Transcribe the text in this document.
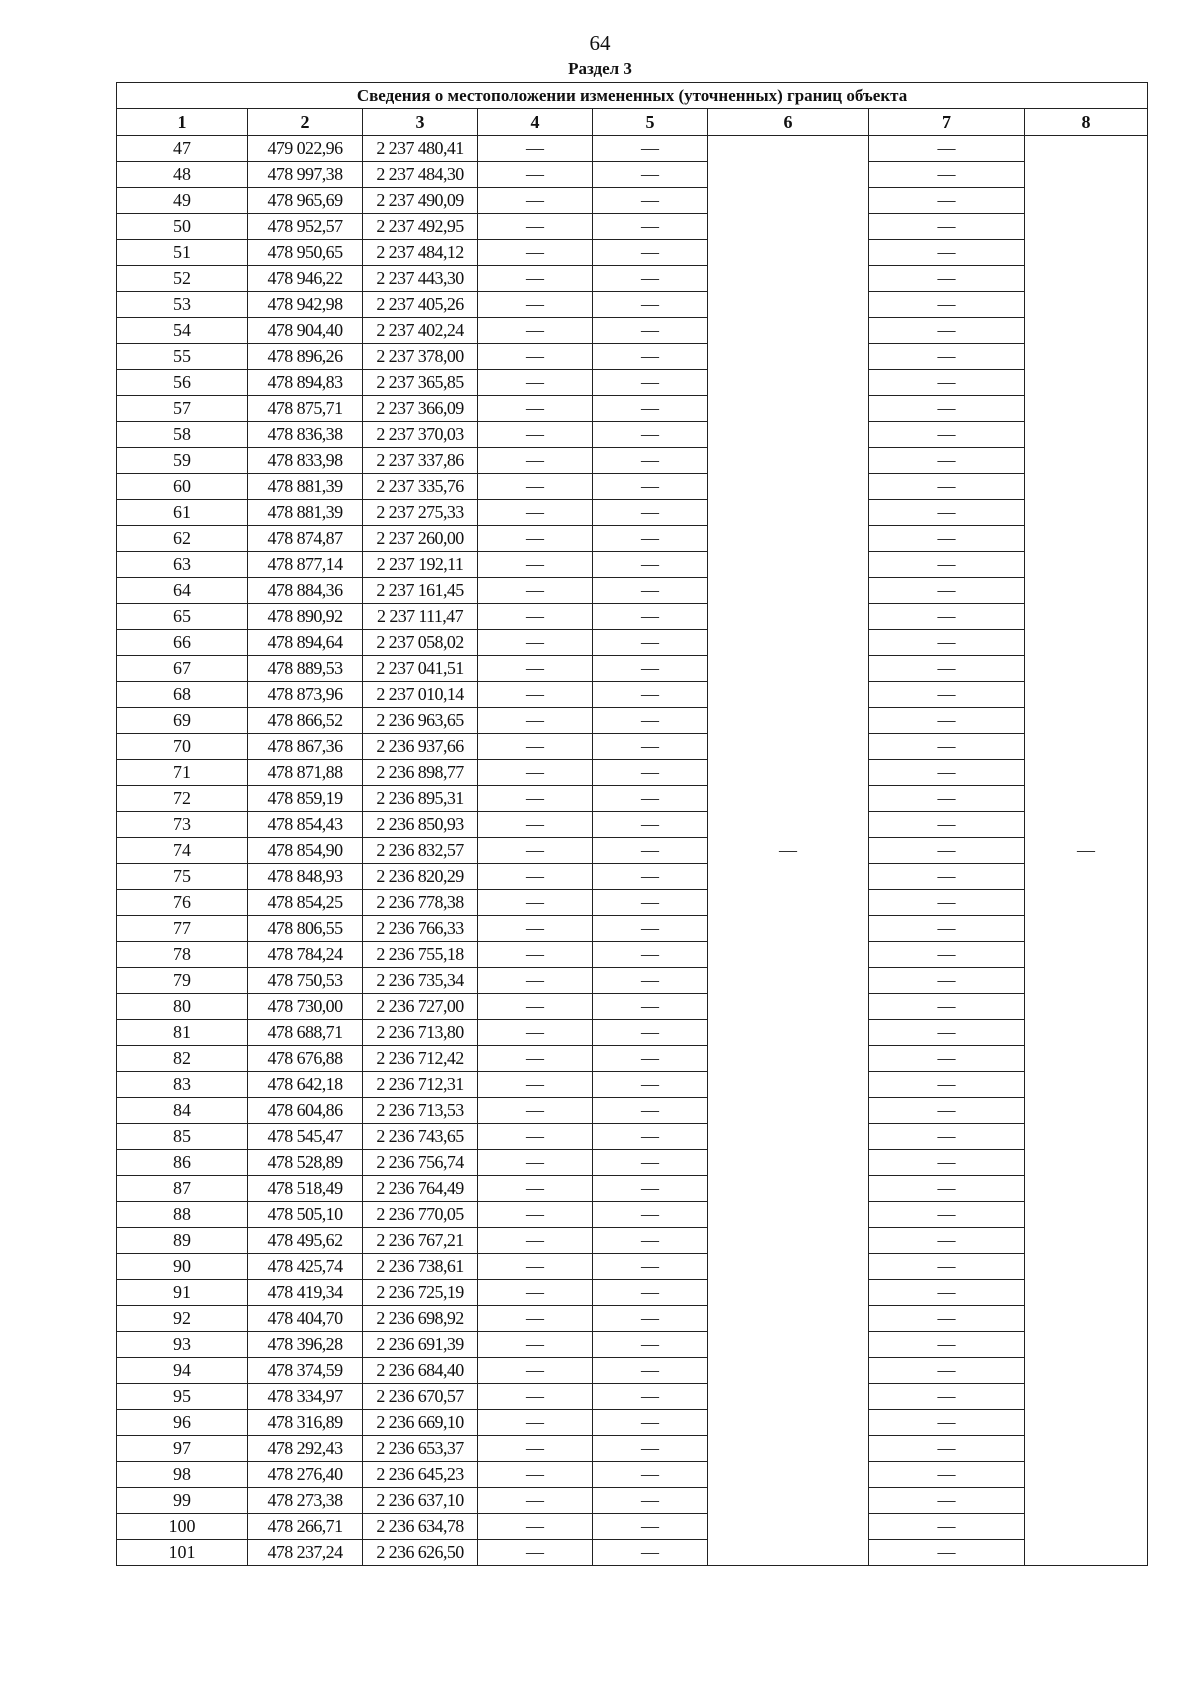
64
Раздел 3
Сведения о местоположении измененных (уточненных) границ объекта							
1	2	3	4	5	6	7	8
47	479 022,96	2 237 480,41	—	—	—	—	—
48	478 997,38	2 237 484,30	—	—		—	
49	478 965,69	2 237 490,09	—	—		—	
50	478 952,57	2 237 492,95	—	—		—	
51	478 950,65	2 237 484,12	—	—		—	
52	478 946,22	2 237 443,30	—	—		—	
53	478 942,98	2 237 405,26	—	—		—	
54	478 904,40	2 237 402,24	—	—		—	
55	478 896,26	2 237 378,00	—	—		—	
56	478 894,83	2 237 365,85	—	—		—	
57	478 875,71	2 237 366,09	—	—		—	
58	478 836,38	2 237 370,03	—	—		—	
59	478 833,98	2 237 337,86	—	—		—	
60	478 881,39	2 237 335,76	—	—		—	
61	478 881,39	2 237 275,33	—	—		—	
62	478 874,87	2 237 260,00	—	—		—	
63	478 877,14	2 237 192,11	—	—		—	
64	478 884,36	2 237 161,45	—	—		—	
65	478 890,92	2 237 111,47	—	—		—	
66	478 894,64	2 237 058,02	—	—		—	
67	478 889,53	2 237 041,51	—	—		—	
68	478 873,96	2 237 010,14	—	—		—	
69	478 866,52	2 236 963,65	—	—		—	
70	478 867,36	2 236 937,66	—	—		—	
71	478 871,88	2 236 898,77	—	—		—	
72	478 859,19	2 236 895,31	—	—		—	
73	478 854,43	2 236 850,93	—	—		—	
74	478 854,90	2 236 832,57	—	—		—	
75	478 848,93	2 236 820,29	—	—		—	
76	478 854,25	2 236 778,38	—	—		—	
77	478 806,55	2 236 766,33	—	—		—	
78	478 784,24	2 236 755,18	—	—		—	
79	478 750,53	2 236 735,34	—	—		—	
80	478 730,00	2 236 727,00	—	—		—	
81	478 688,71	2 236 713,80	—	—		—	
82	478 676,88	2 236 712,42	—	—		—	
83	478 642,18	2 236 712,31	—	—		—	
84	478 604,86	2 236 713,53	—	—		—	
85	478 545,47	2 236 743,65	—	—		—	
86	478 528,89	2 236 756,74	—	—		—	
87	478 518,49	2 236 764,49	—	—		—	
88	478 505,10	2 236 770,05	—	—		—	
89	478 495,62	2 236 767,21	—	—		—	
90	478 425,74	2 236 738,61	—	—		—	
91	478 419,34	2 236 725,19	—	—		—	
92	478 404,70	2 236 698,92	—	—		—	
93	478 396,28	2 236 691,39	—	—		—	
94	478 374,59	2 236 684,40	—	—		—	
95	478 334,97	2 236 670,57	—	—		—	
96	478 316,89	2 236 669,10	—	—		—	
97	478 292,43	2 236 653,37	—	—		—	
98	478 276,40	2 236 645,23	—	—		—	
99	478 273,38	2 236 637,10	—	—		—	
100	478 266,71	2 236 634,78	—	—		—	
101	478 237,24	2 236 626,50	—	—		—	
